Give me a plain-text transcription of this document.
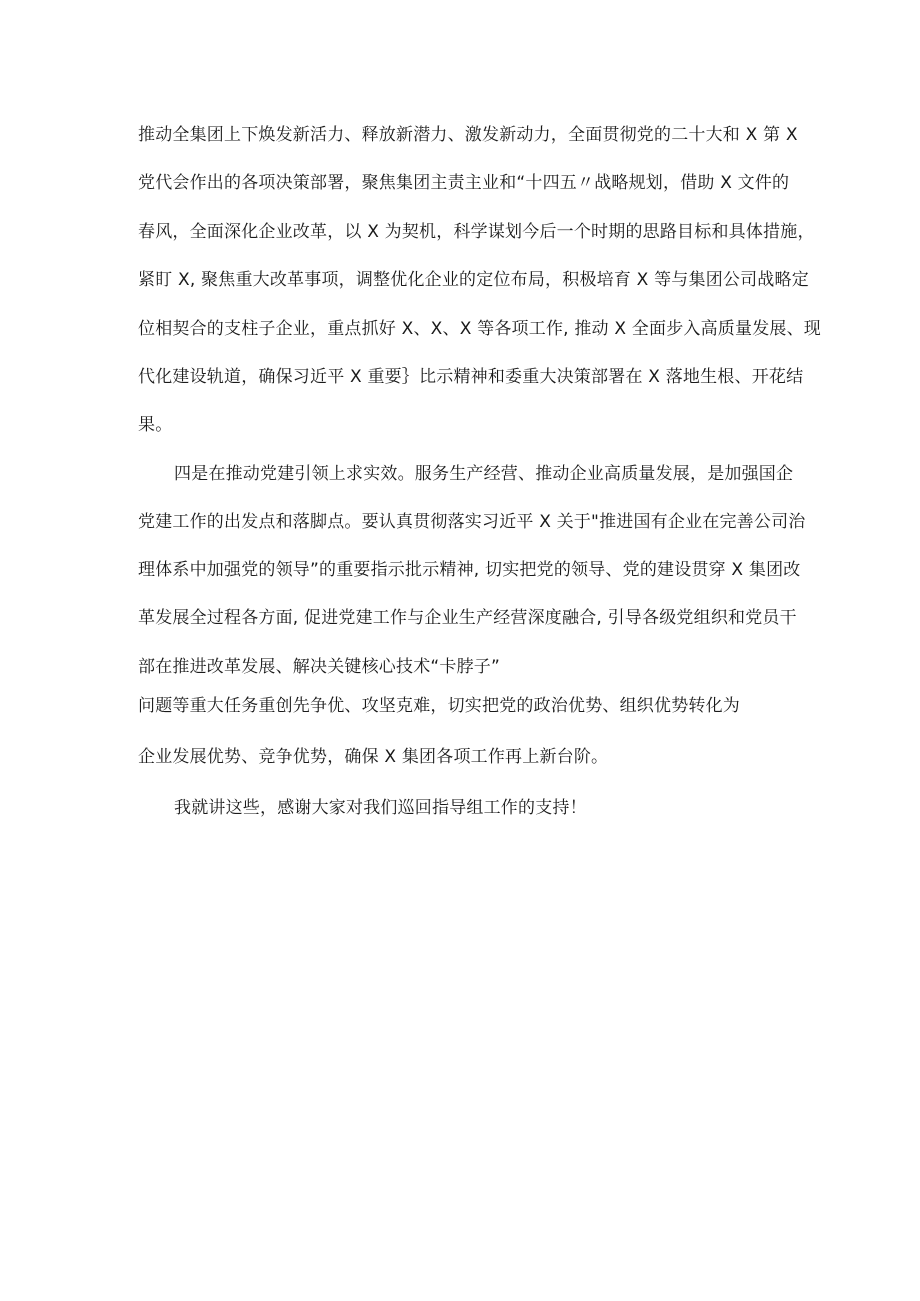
推动全集团上下焕发新活力、释放新潜力、激发新动力，全面贯彻党的二十大和 X 第 X
党代会作出的各项决策部署，聚焦集团主责主业和“十四五〃战略规划，借助 X 文件的
春风，全面深化企业改革，以 X 为契机，科学谋划今后一个时期的思路目标和具体措施，
紧盯 X, 聚焦重大改革事项，调整优化企业的定位布局，积极培育 X 等与集团公司战略定
位相契合的支柱子企业，重点抓好 X、X、X 等各项工作, 推动 X 全面步入高质量发展、现
代化建设轨道，确保习近平 X 重要｝比示精神和委重大决策部署在 X 落地生根、开花结
果。
四是在推动党建引领上求实效。服务生产经营、推动企业高质量发展，是加强国企
党建工作的出发点和落脚点。要认真贯彻落实习近平 X 关于"推进国有企业在完善公司治
理体系中加强党的领导”的重要指示批示精神, 切实把党的领导、党的建设贯穿 X 集团改
革发展全过程各方面, 促进党建工作与企业生产经营深度融合, 引导各级党组织和党员干
部在推进改革发展、解决关键核心技术“卡脖子”
问题等重大任务重创先争优、攻坚克难，切实把党的政治优势、组织优势转化为
企业发展优势、竞争优势，确保 X 集团各项工作再上新台阶。
我就讲这些，感谢大家对我们巡回指导组工作的支持！
